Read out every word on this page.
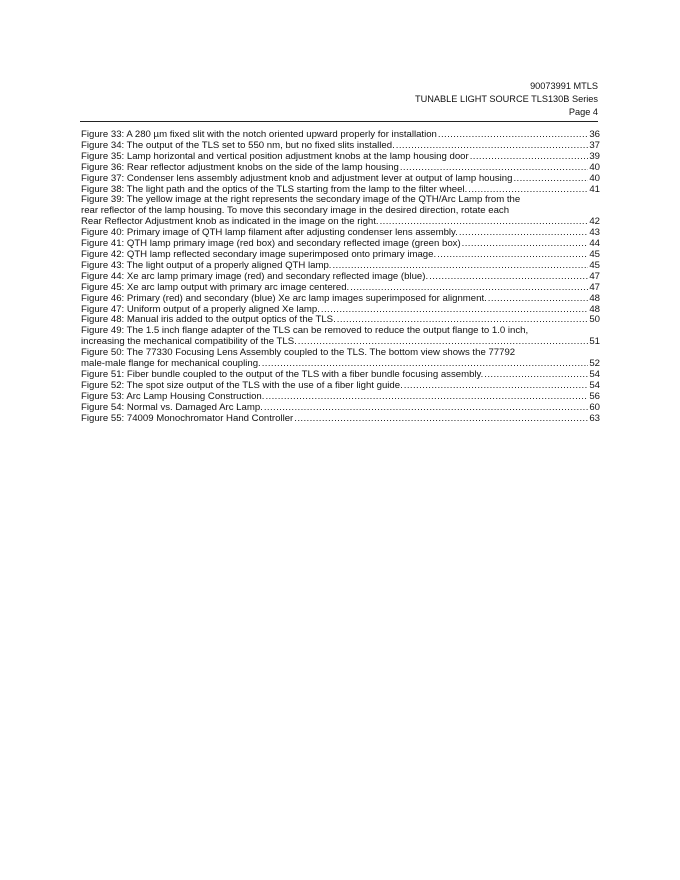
90073991 MTLS
TUNABLE LIGHT SOURCE TLS130B Series
Page 4
Figure 33: A 280 µm fixed slit with the notch oriented upward properly for installation .....	36
Figure 34: The output of the TLS set to 550 nm, but no fixed slits installed. .....	37
Figure 35: Lamp horizontal and vertical position adjustment knobs at the lamp housing door .....	39
Figure 36: Rear reflector adjustment knobs on the side of the lamp housing .....	40
Figure 37: Condenser lens assembly adjustment knob and adjustment lever at output of lamp housing .....	40
Figure 38: The light path and the optics of the TLS starting from the lamp to the filter wheel. .....	41
Figure 39: The yellow image at the right represents the secondary image of the QTH/Arc Lamp from the
rear reflector of the lamp housing. To move this secondary image in the desired direction, rotate each
Rear Reflector Adjustment knob as indicated in the image on the right. .....	42
Figure 40: Primary image of QTH lamp filament after adjusting condenser lens assembly. .....	43
Figure 41: QTH lamp primary image (red box) and secondary reflected image (green box) .....	44
Figure 42: QTH lamp reflected secondary image superimposed onto primary image. .....	45
Figure 43: The light output of a properly aligned QTH lamp. .....	45
Figure 44: Xe arc lamp primary image (red) and secondary reflected image (blue). .....	47
Figure 45: Xe arc lamp output with primary arc image centered. .....	47
Figure 46: Primary (red) and secondary (blue) Xe arc lamp images superimposed for alignment. .....	48
Figure 47: Uniform output of a properly aligned Xe lamp. .....	48
Figure 48: Manual iris added to the output optics of the TLS. .....	50
Figure 49: The 1.5 inch flange adapter of the TLS can be removed to reduce the output flange to 1.0 inch,
increasing the mechanical compatibility of the TLS. .....	51
Figure 50: The 77330 Focusing Lens Assembly coupled to the TLS. The bottom view shows the 77792
male-male flange for mechanical coupling. .....	52
Figure 51: Fiber bundle coupled to the output of the TLS with a fiber bundle focusing assembly. .....	54
Figure 52: The spot size output of the TLS with the use of a fiber light guide. .....	54
Figure 53: Arc Lamp Housing Construction. .....	56
Figure 54: Normal vs. Damaged Arc Lamp. .....	60
Figure 55: 74009 Monochromator Hand Controller .....	63
